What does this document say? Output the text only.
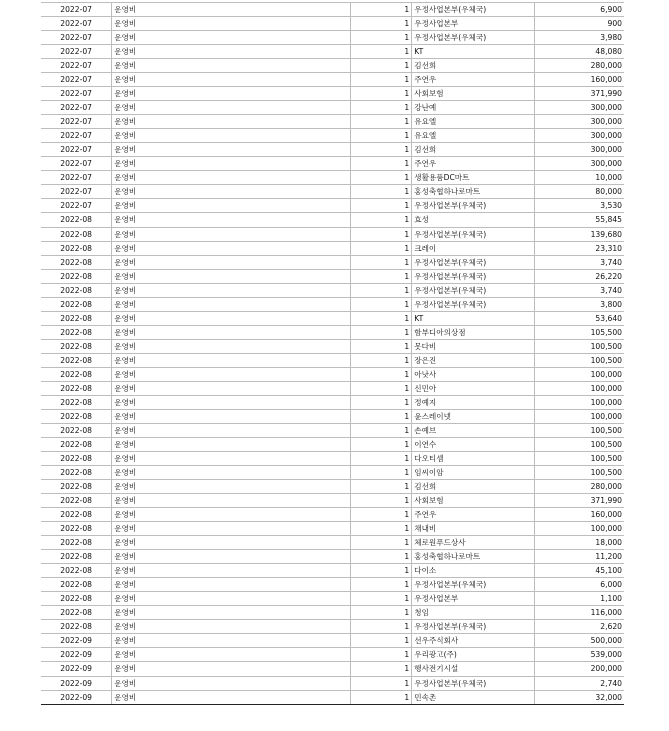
2022-07	운영비	1	우정사업본부(우체국)	6,900
2022-07	운영비	1	우정사업본부	900
2022-07	운영비	1	우정사업본부(우체국)	3,980
2022-07	운영비	1	KT	48,080
2022-07	운영비	1	김선희	280,000
2022-07	운영비	1	주연우	160,000
2022-07	운영비	1	사회보험	371,990
2022-07	운영비	1	강난예	300,000
2022-07	운영비	1	유요엘	300,000
2022-07	운영비	1	유요엘	300,000
2022-07	운영비	1	김선희	300,000
2022-07	운영비	1	주연우	300,000
2022-07	운영비	1	생활용품DC마트	10,000
2022-07	운영비	1	홍성축협하나로마트	80,000
2022-07	운영비	1	우정사업본부(우체국)	3,530
2022-08	운영비	1	효성	55,845
2022-08	운영비	1	우정사업본부(우체국)	139,680
2022-08	운영비	1	크레이	23,310
2022-08	운영비	1	우정사업본부(우체국)	3,740
2022-08	운영비	1	우정사업본부(우체국)	26,220
2022-08	운영비	1	우정사업본부(우체국)	3,740
2022-08	운영비	1	우정사업본부(우체국)	3,800
2022-08	운영비	1	KT	53,640
2022-08	운영비	1	함부디아의상점	105,500
2022-08	운영비	1	못다비	100,500
2022-08	운영비	1	장은진	100,500
2022-08	운영비	1	아낫사	100,000
2022-08	운영비	1	신민아	100,000
2022-08	운영비	1	정예지	100,000
2022-08	운영비	1	윤스레이넷	100,000
2022-08	운영비	1	손예브	100,500
2022-08	운영비	1	이연수	100,500
2022-08	운영비	1	다오티셈	100,500
2022-08	운영비	1	임씨이암	100,500
2022-08	운영비	1	김선희	280,000
2022-08	운영비	1	사회보험	371,990
2022-08	운영비	1	주연우	160,000
2022-08	운영비	1	채내비	100,000
2022-08	운영비	1	체로원푸드상사	18,000
2022-08	운영비	1	홍성축협하나로마트	11,200
2022-08	운영비	1	다이소	45,100
2022-08	운영비	1	우정사업본부(우체국)	6,000
2022-08	운영비	1	우정사업본부	1,100
2022-08	운영비	1	청임	116,000
2022-08	운영비	1	우정사업본부(우체국)	2,620
2022-09	운영비	1	선우주식회사	500,000
2022-09	운영비	1	우리광고(주)	539,000
2022-09	운영비	1	행사전기시설	200,000
2022-09	운영비	1	우정사업본부(우체국)	2,740
2022-09	운영비	1	민속촌	32,000
